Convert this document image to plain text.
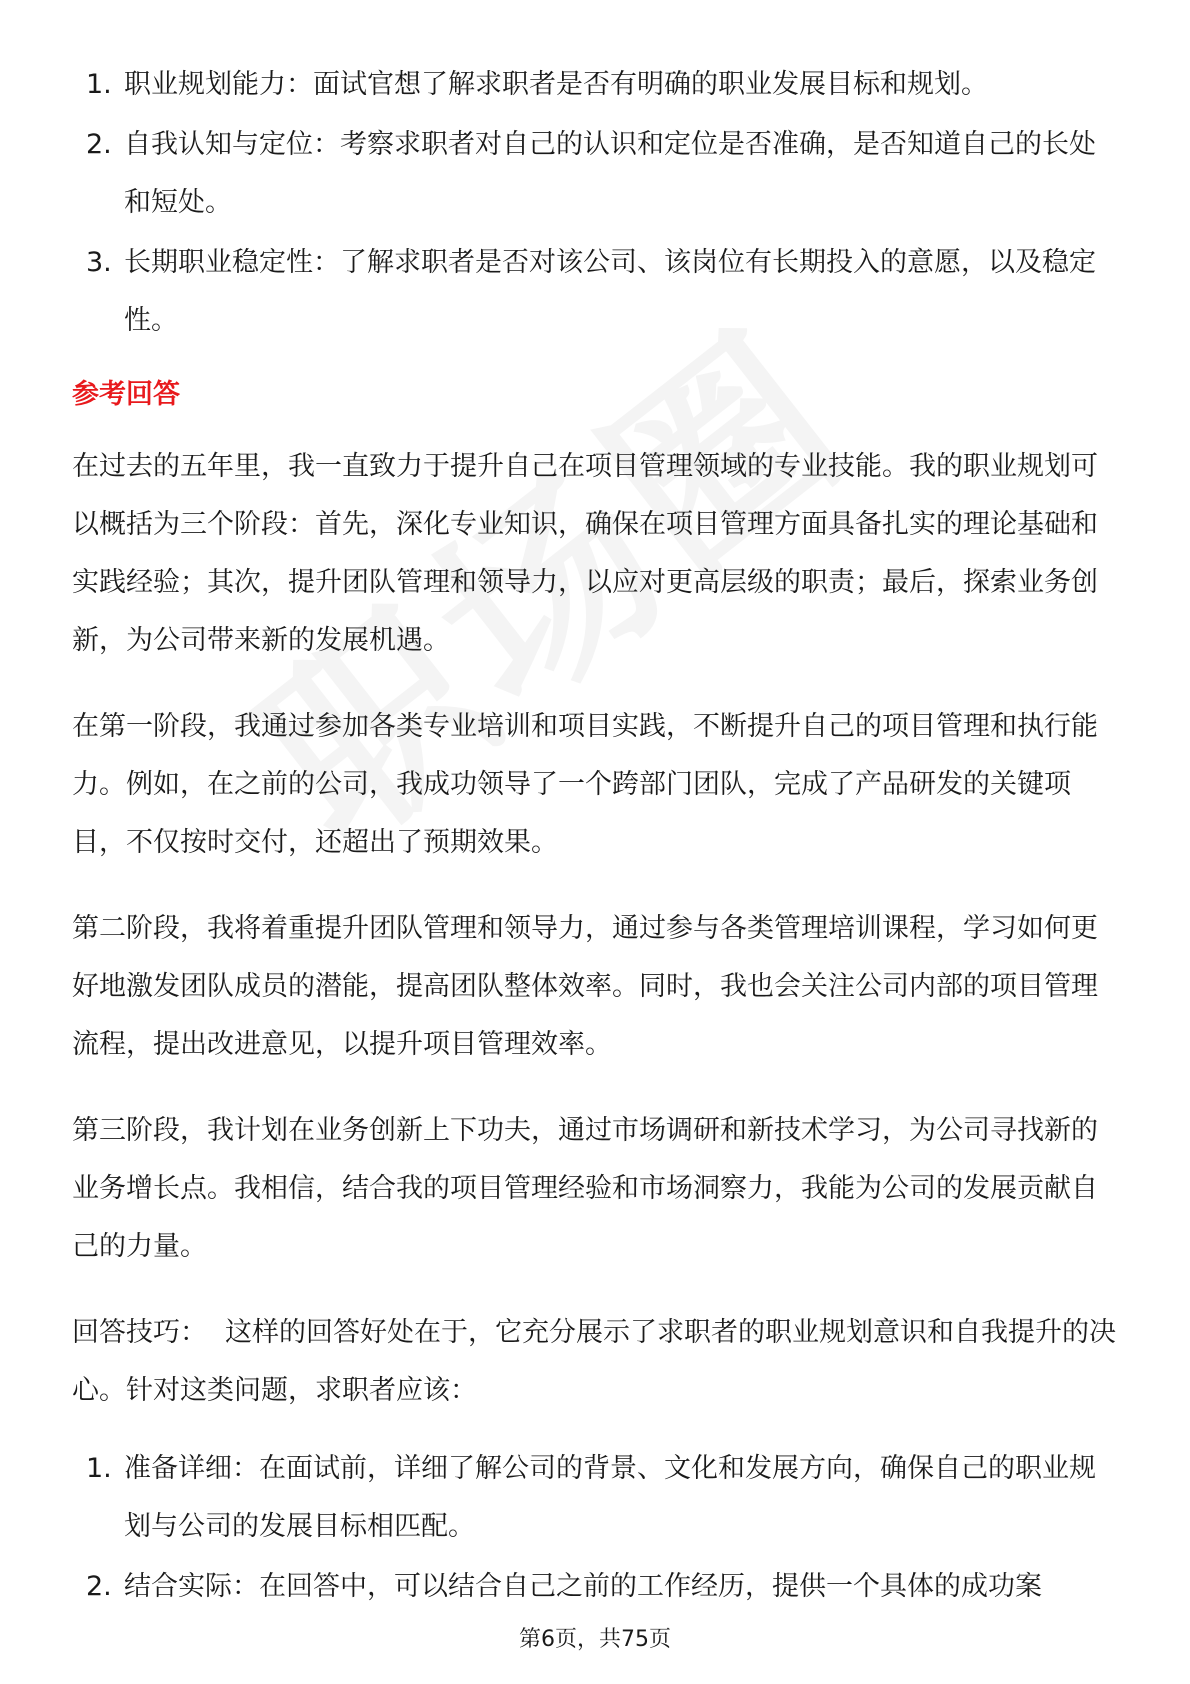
1. 职业规划能力：面试官想了解求职者是否有明确的职业发展目标和规划。
2. 自我认知与定位：考察求职者对自己的认识和定位是否准确，是否知道自己的长处和短处。
3. 长期职业稳定性：了解求职者是否对该公司、该岗位有长期投入的意愿，以及稳定性。
参考回答

在过去的五年里，我一直致力于提升自己在项目管理领域的专业技能。我的职业规划可以概括为三个阶段：首先，深化专业知识，确保在项目管理方面具备扎实的理论基础和实践经验；其次，提升团队管理和领导力，以应对更高层级的职责；最后，探索业务创新，为公司带来新的发展机遇。

在第一阶段，我通过参加各类专业培训和项目实践，不断提升自己的项目管理和执行能力。例如，在之前的公司，我成功领导了一个跨部门团队，完成了产品研发的关键项目，不仅按时交付，还超出了预期效果。

第二阶段，我将着重提升团队管理和领导力，通过参与各类管理培训课程，学习如何更好地激发团队成员的潜能，提高团队整体效率。同时，我也会关注公司内部的项目管理流程，提出改进意见，以提升项目管理效率。

第三阶段，我计划在业务创新上下功夫，通过市场调研和新技术学习，为公司寻找新的业务增长点。我相信，结合我的项目管理经验和市场洞察力，我能为公司的发展贡献自己的力量。

回答技巧： 这样的回答好处在于，它充分展示了求职者的职业规划意识和自我提升的决心。针对这类问题，求职者应该：

1. 准备详细：在面试前，详细了解公司的背景、文化和发展方向，确保自己的职业规划与公司的发展目标相匹配。
2. 结合实际：在回答中，可以结合自己之前的工作经历，提供一个具体的成功案
第6页，共75页
